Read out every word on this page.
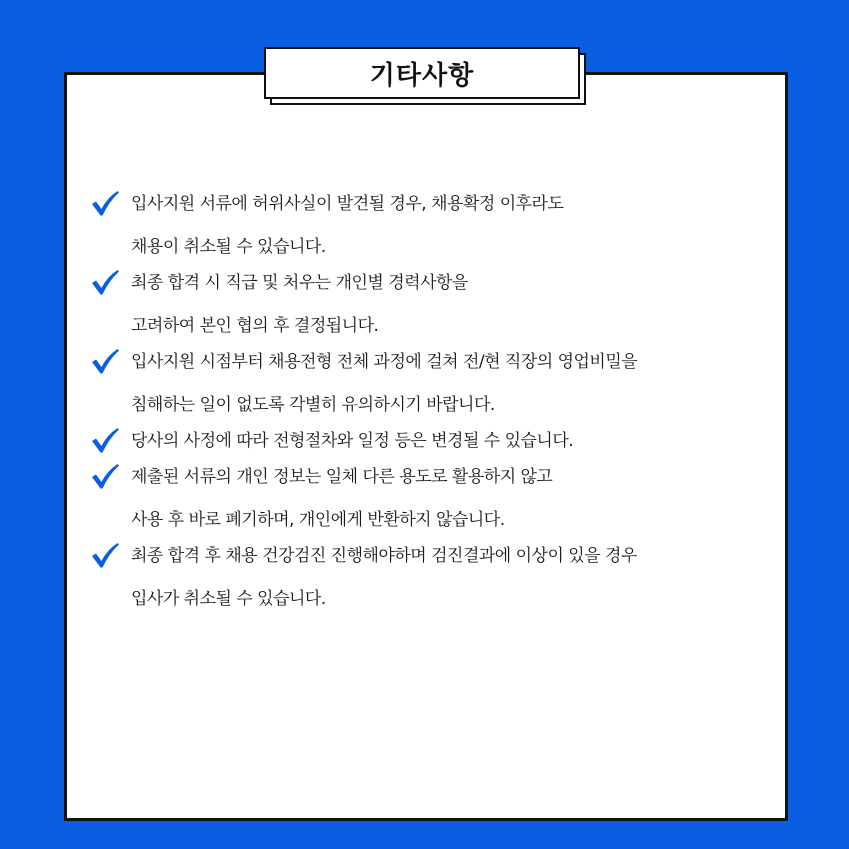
기타사항
입사지원 서류에 허위사실이 발견될 경우, 채용확정 이후라도
채용이 취소될 수 있습니다.
최종 합격 시 직급 및 처우는 개인별 경력사항을
고려하여 본인 협의 후 결정됩니다.
입사지원 시점부터 채용전형 전체 과정에 걸쳐 전/현 직장의 영업비밀을
침해하는 일이 없도록 각별히 유의하시기 바랍니다.
당사의 사정에 따라 전형절차와 일정 등은 변경될 수 있습니다.
제출된 서류의 개인 정보는 일체 다른 용도로 활용하지 않고
사용 후 바로 폐기하며, 개인에게 반환하지 않습니다.
최종 합격 후 채용 건강검진 진행해야하며 검진결과에 이상이 있을 경우
입사가 취소될 수 있습니다.
